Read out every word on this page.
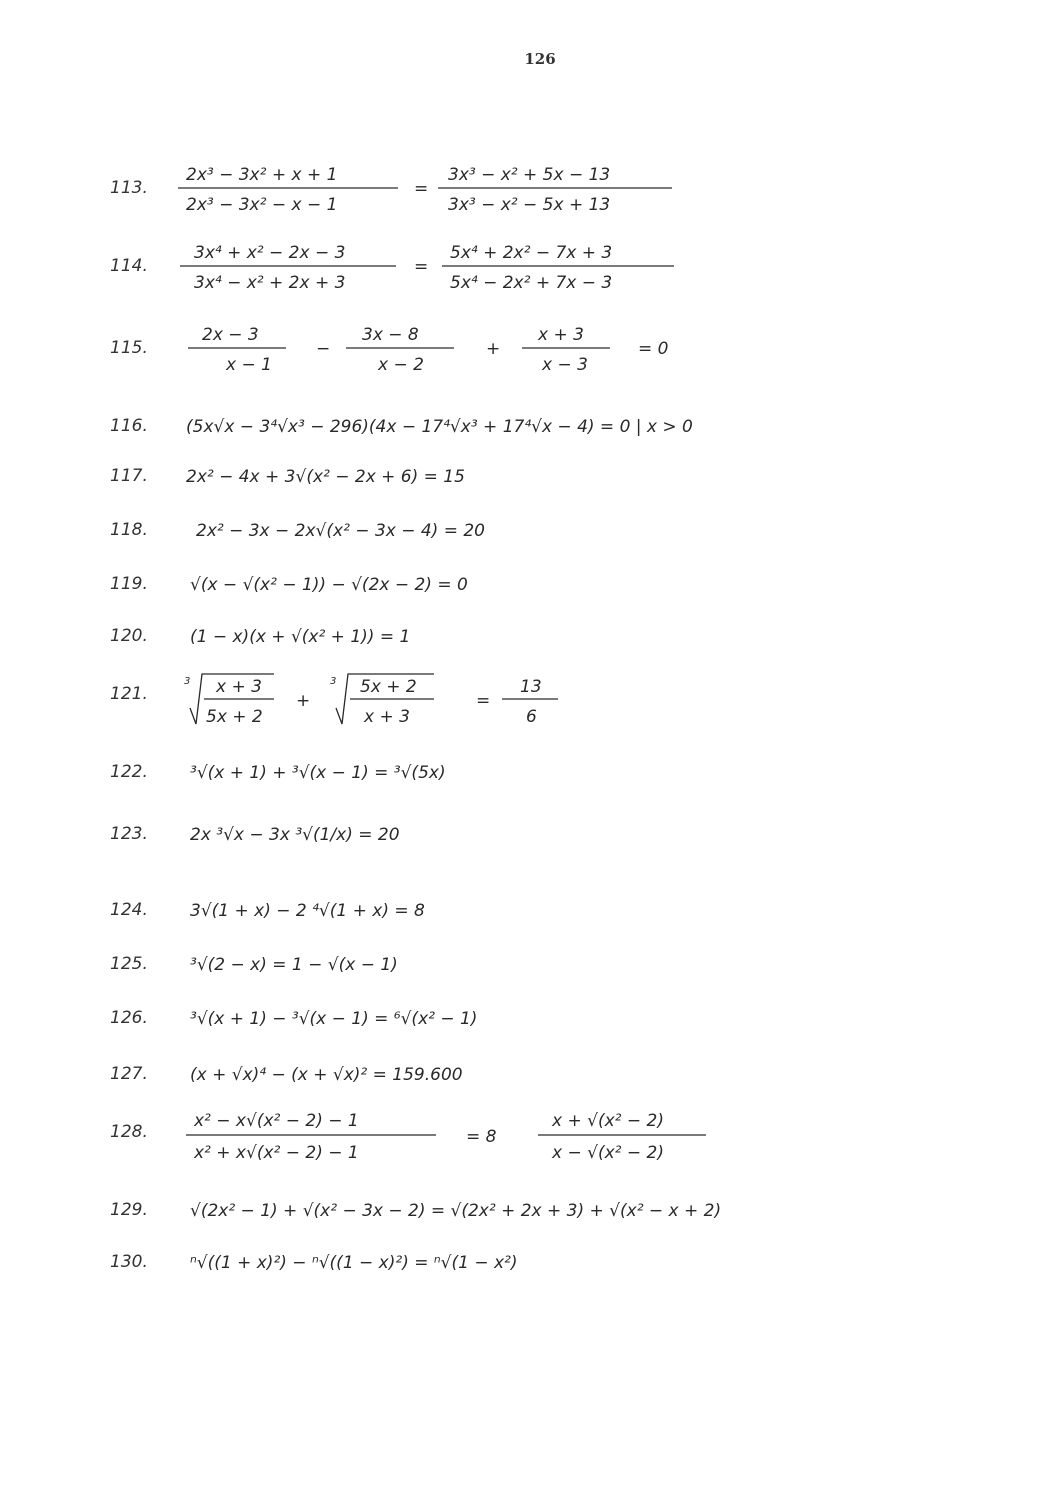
126
113.
2x³ − 3x² + x + 1
2x³ − 3x² − x − 1
=
3x³ − x² + 5x − 13
3x³ − x² − 5x + 13
114.
3x⁴ + x² − 2x − 3
3x⁴ − x² + 2x + 3
=
5x⁴ + 2x² − 7x + 3
5x⁴ − 2x² + 7x − 3
115.
2x − 3
x − 1
−
3x − 8
x − 2
+
x + 3
x − 3
= 0
116. (5x√x − 3⁴√x³ − 296)(4x − 17⁴√x³ + 17⁴√x − 4) = 0 | x > 0
117. 2x² − 4x + 3√(x² − 2x + 6) = 15
118.	2x² − 3x − 2x√(x² − 3x − 4) = 20
119. √(x − √(x² − 1)) − √(2x − 2) = 0
120. (1 − x)(x + √(x² + 1)) = 1
121.
3 x + 3
5x + 2
+
3 5x + 2
x + 3
=
13
6
122. ³√(x + 1) + ³√(x − 1) = ³√(5x)
123. 2x ³√x − 3x ³√(1/x) = 20
124. 3√(1 + x) − 2 ⁴√(1 + x) = 8
125. ³√(2 − x) = 1 − √(x − 1)
126. ³√(x + 1) − ³√(x − 1) = ⁶√(x² − 1)
127. (x + √x)⁴ − (x + √x)² = 159.600
128.
x² − x√(x² − 2) − 1
x² + x√(x² − 2) − 1
= 8
x + √(x² − 2)
x − √(x² − 2)
129. √(2x² − 1) + √(x² − 3x − 2) = √(2x² + 2x + 3) + √(x² − x + 2)
130. ⁿ√((1 + x)²) − ⁿ√((1 − x)²) = ⁿ√(1 − x²)
